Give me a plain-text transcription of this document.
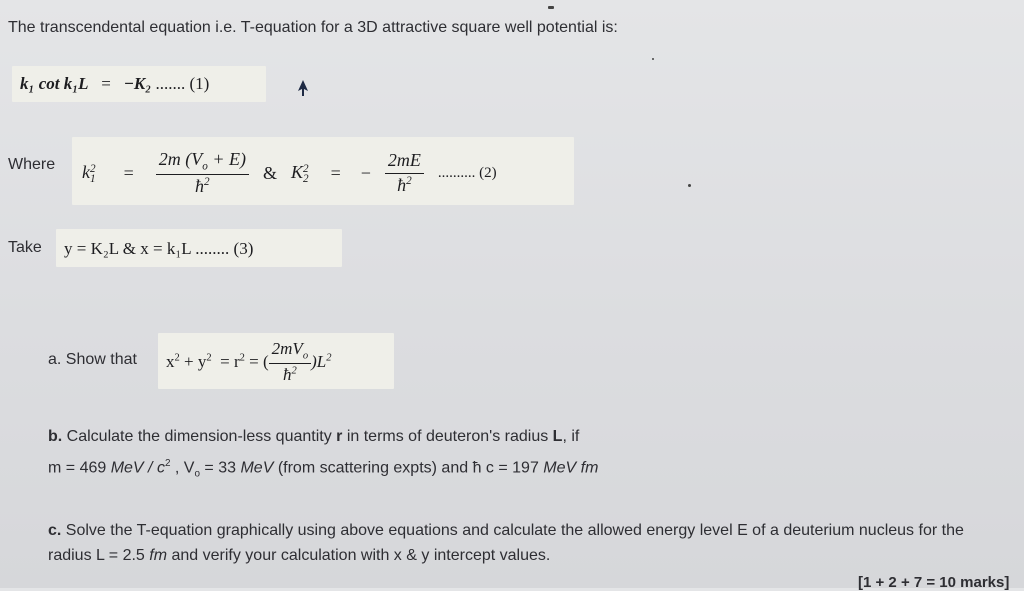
The transcendental equation i.e. T-equation for a 3D attractive square well potential is:
k₁ cot k₁L = −K₂ ....... (1)
Where k 2
$1 = \frac{2m (V_o + E)}{ħ^2}$ & K 2
2 = − $\frac{2mE}{ħ^2}$ .......... (2)
Take y = K₂L & x = k₁L ........ (3)
a. Show that $x^2 + y^2 = r^2$ = ( $\frac{2mV_o}{ħ^2} )L^2$
b. Calculate the dimension-less quantity r in terms of deuteron's radius L, if
m = 469 MeV / $c^2$ , $V_o = 33$ MeV (from scattering expts) and ħ c = 197 MeV fm
c. Solve the T-equation graphically using above equations and calculate the allowed energy level E of a deuterium nucleus for the
radius L = 2.5 fm and verify your calculation with x & y intercept values.
[1 + 2 + 7 = 10 marks]
